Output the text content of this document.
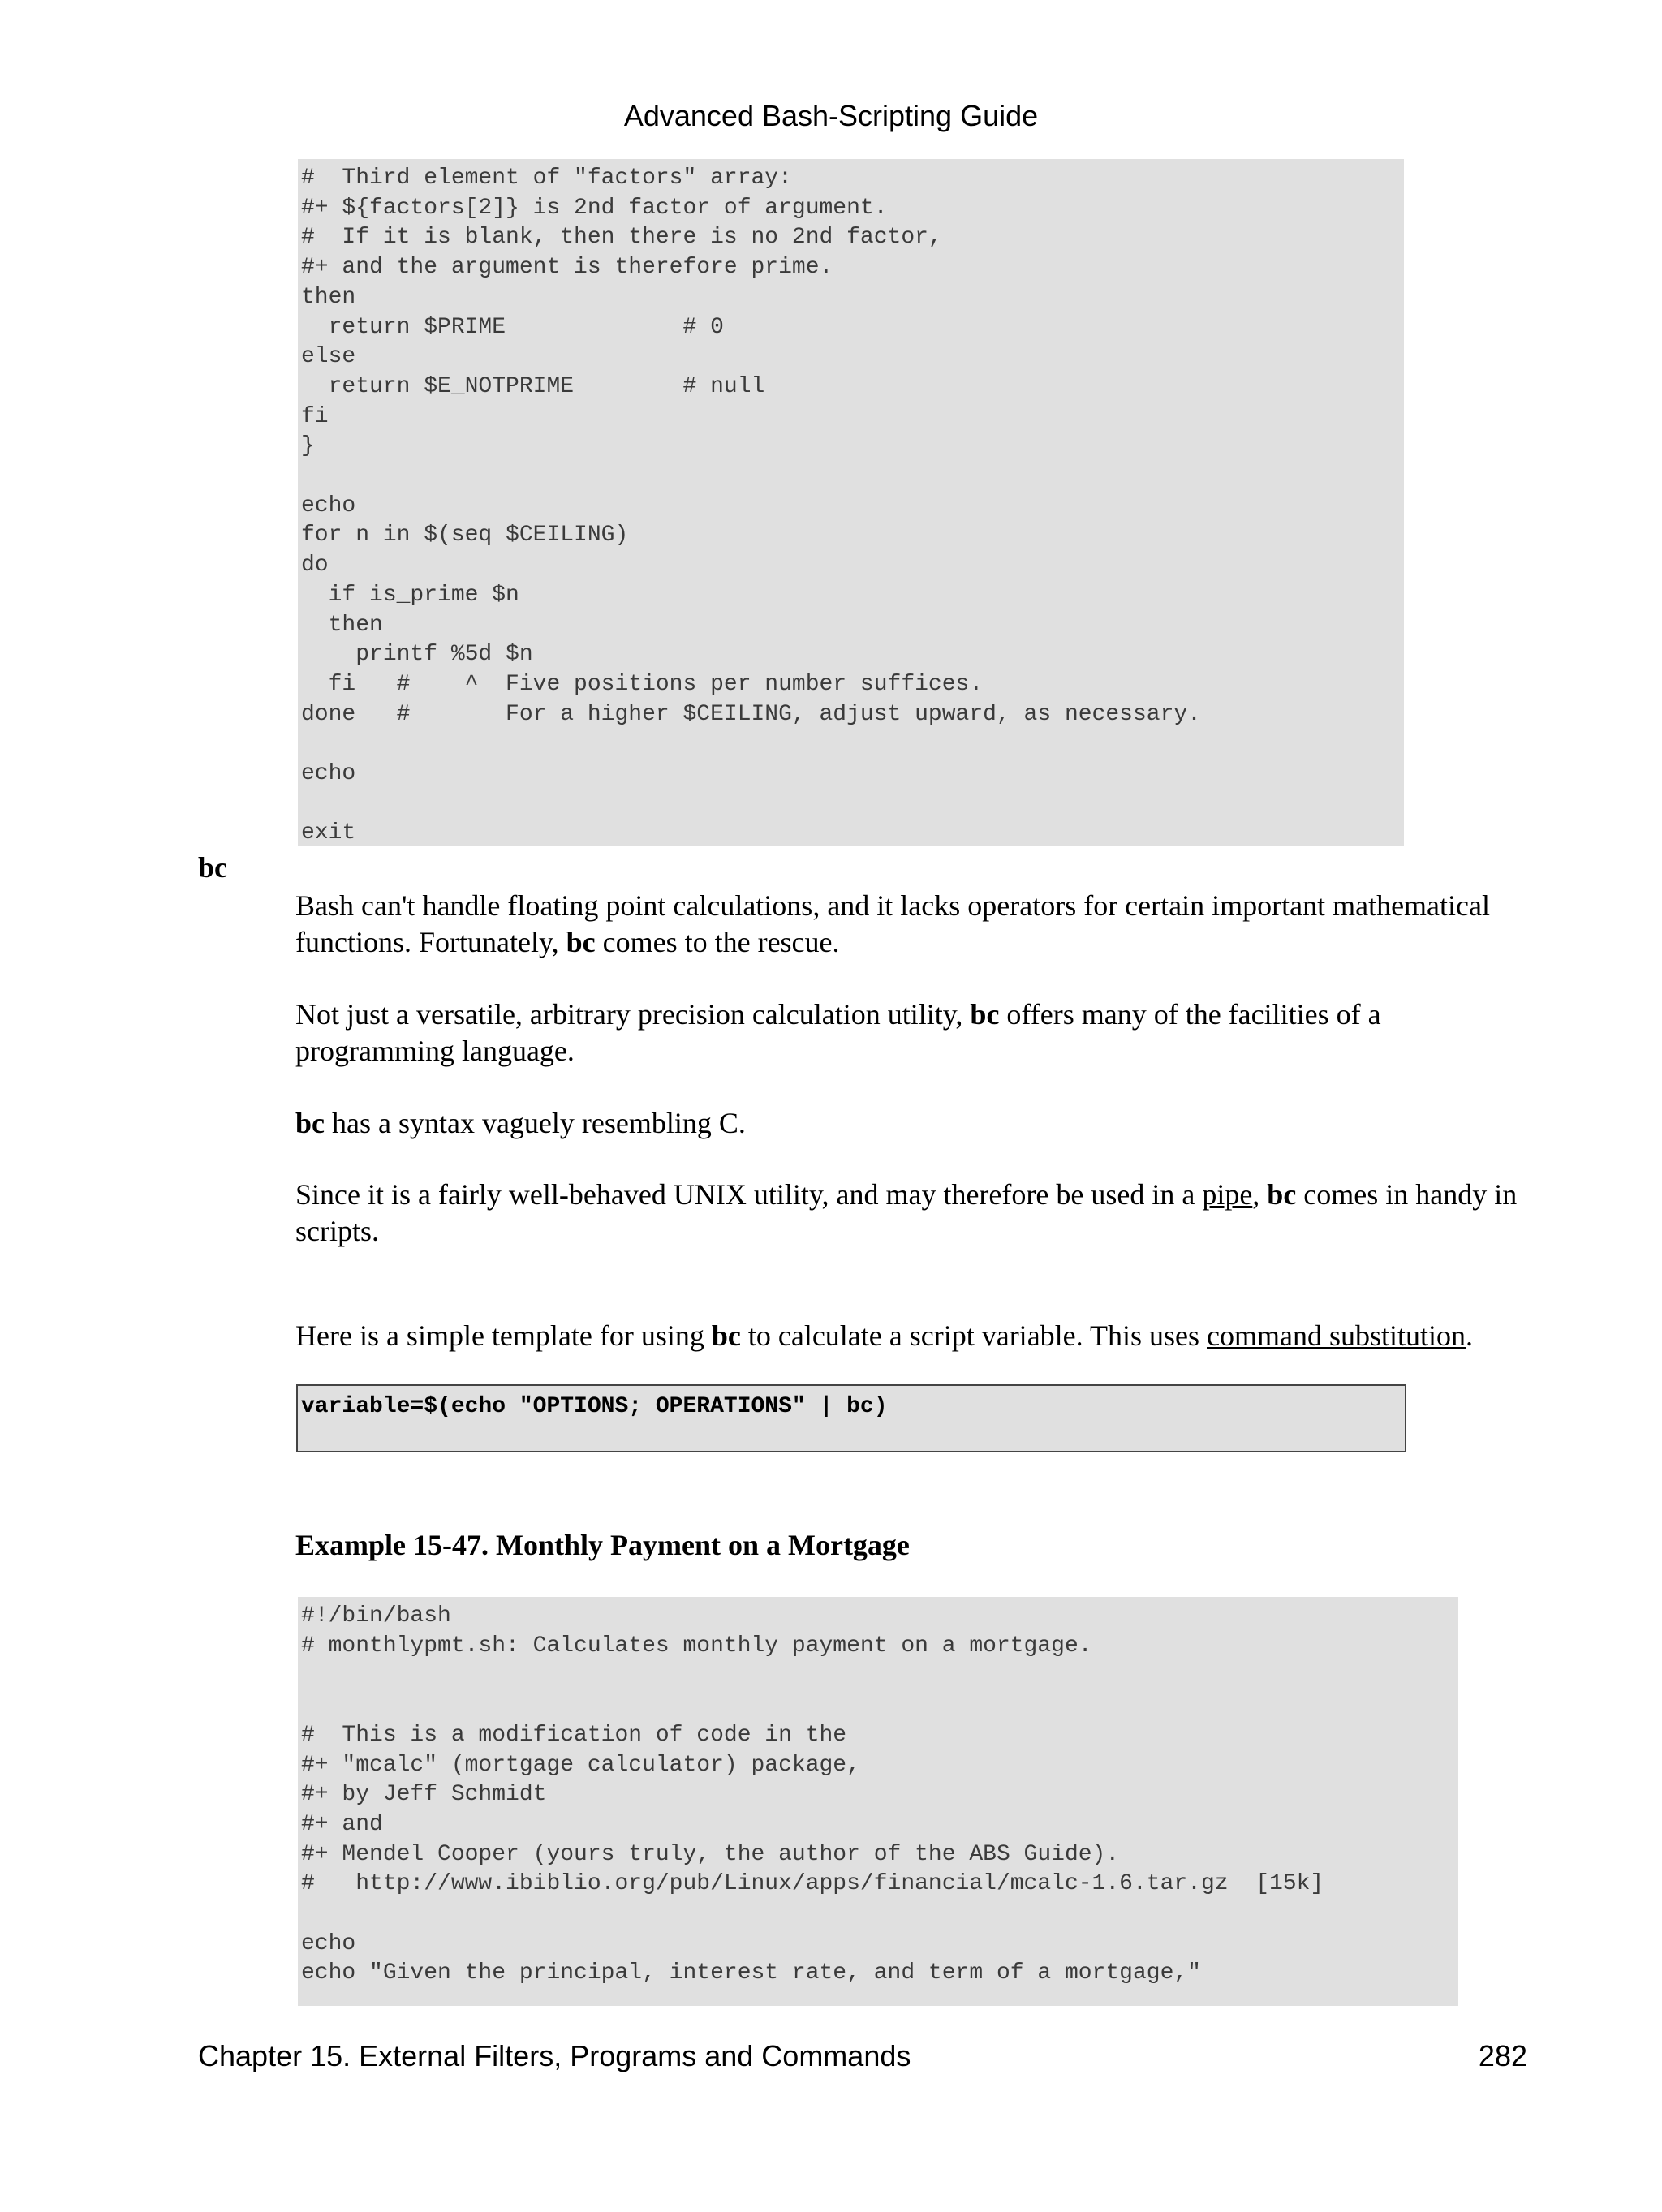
Advanced Bash-Scripting Guide
#  Third element of "factors" array:
#+ ${factors[2]} is 2nd factor of argument.
#  If it is blank, then there is no 2nd factor,
#+ and the argument is therefore prime.
then
return $PRIME             # 0
else
return $E_NOTPRIME        # null
fi
}

echo
for n in $(seq $CEILING)
do
if is_prime $n
then
printf %5d $n
fi   #    ^  Five positions per number suffices.
done   #       For a higher $CEILING, adjust upward, as necessary.

echo

exit
bc

Bash can't handle floating point calculations, and it lacks operators for certain important mathematical functions. Fortunately, bc comes to the rescue.

Not just a versatile, arbitrary precision calculation utility, bc offers many of the facilities of a programming language.

bc has a syntax vaguely resembling C.

Since it is a fairly well-behaved UNIX utility, and may therefore be used in a pipe, bc comes in handy in scripts.

Here is a simple template for using bc to calculate a script variable. This uses command substitution.

variable=$(echo "OPTIONS; OPERATIONS" | bc)
Example 15-47. Monthly Payment on a Mortgage
#!/bin/bash
# monthlypmt.sh: Calculates monthly payment on a mortgage.

#  This is a modification of code in the
#+ "mcalc" (mortgage calculator) package,
#+ by Jeff Schmidt
#+ and
#+ Mendel Cooper (yours truly, the author of the ABS Guide).
#   http://www.ibiblio.org/pub/Linux/apps/financial/mcalc-1.6.tar.gz  [15k]

echo
echo "Given the principal, interest rate, and term of a mortgage,"
Chapter 15. External Filters, Programs and Commands	282
